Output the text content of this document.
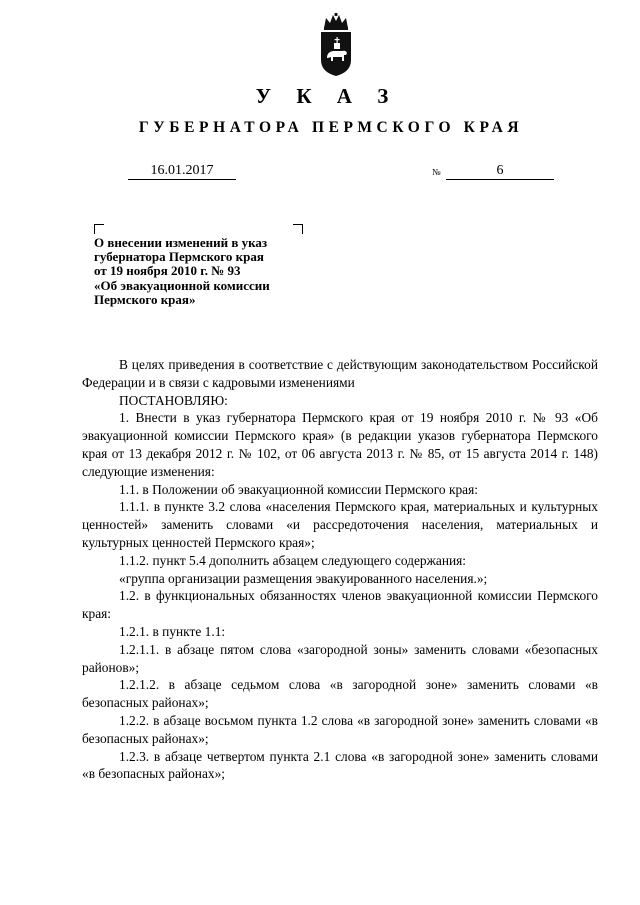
У К А З
ГУБЕРНАТОРА ПЕРМСКОГО КРАЯ
16.01.2017	№	6
О внесении изменений в указ
губернатора Пермского края
от 19 ноября 2010 г. № 93
«Об эвакуационной комиссии
Пермского края»

В целях приведения в соответствие с действующим законодательством Российской Федерации и в связи с кадровыми изменениями

ПОСТАНОВЛЯЮ:

1. Внести в указ губернатора Пермского края от 19 ноября 2010 г. № 93 «Об эвакуационной комиссии Пермского края» (в редакции указов губернатора Пермского края от 13 декабря 2012 г. № 102, от 06 августа 2013 г. № 85, от 15 августа 2014 г. 148) следующие изменения:

1.1. в Положении об эвакуационной комиссии Пермского края:

1.1.1. в пункте 3.2 слова «населения Пермского края, материальных и культурных ценностей» заменить словами «и рассредоточения населения, материальных и культурных ценностей Пермского края»;

1.1.2. пункт 5.4 дополнить абзацем следующего содержания:

«группа организации размещения эвакуированного населения.»;

1.2. в функциональных обязанностях членов эвакуационной комиссии Пермского края:

1.2.1. в пункте 1.1:

1.2.1.1. в абзаце пятом слова «загородной зоны» заменить словами «безопасных районов»;

1.2.1.2. в абзаце седьмом слова «в загородной зоне» заменить словами «в безопасных районах»;

1.2.2. в абзаце восьмом пункта 1.2 слова «в загородной зоне» заменить словами «в безопасных районах»;

1.2.3. в абзаце четвертом пункта 2.1 слова «в загородной зоне» заменить словами «в безопасных районах»;
